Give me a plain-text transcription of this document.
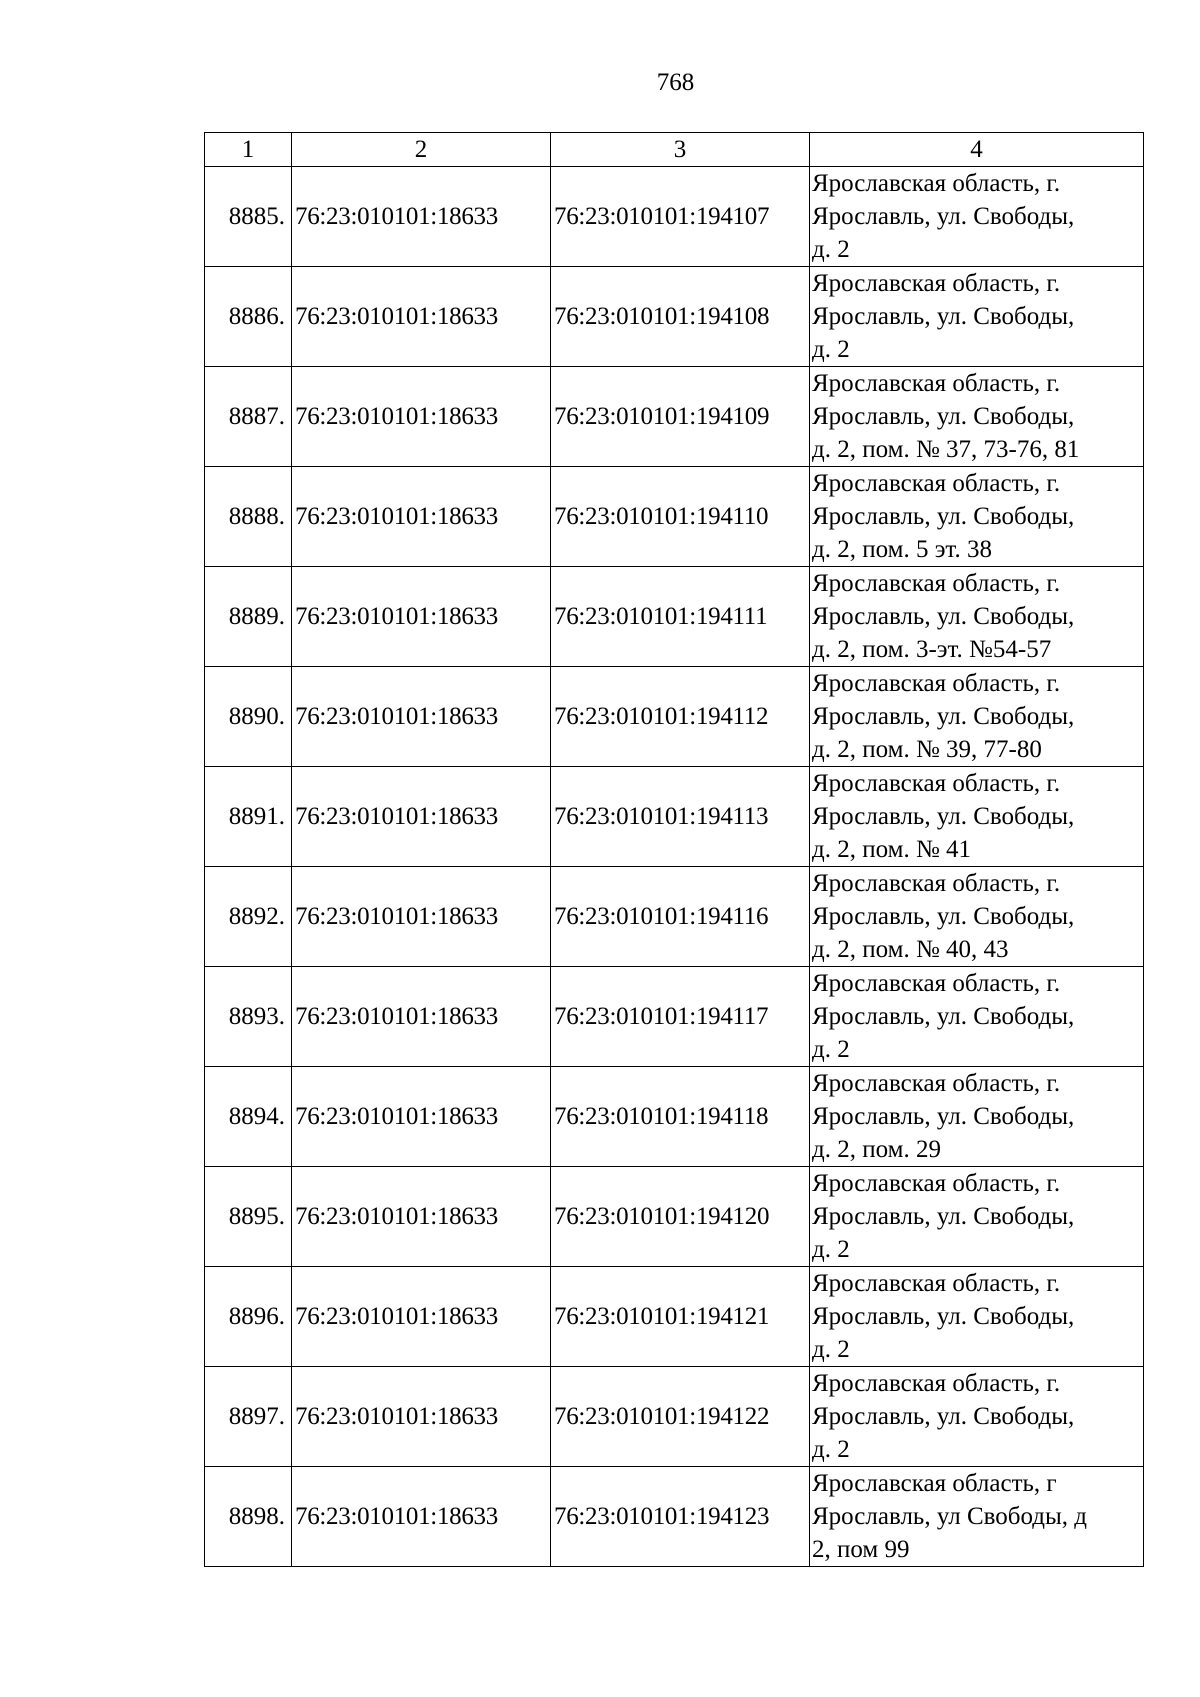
768
1	2	3	4
8885.	76:23:010101:18633	76:23:010101:194107	Ярославская область, г.
Ярославль, ул. Свободы,
д. 2

8886.	76:23:010101:18633	76:23:010101:194108	Ярославская область, г.
Ярославль, ул. Свободы,
д. 2

8887.	76:23:010101:18633	76:23:010101:194109	Ярославская область, г.
Ярославль, ул. Свободы,
д. 2, пом. № 37, 73-76, 81

8888.	76:23:010101:18633	76:23:010101:194110	Ярославская область, г.
Ярославль, ул. Свободы,
д. 2, пом. 5 эт. 38

8889.	76:23:010101:18633	76:23:010101:194111	Ярославская область, г.
Ярославль, ул. Свободы,
д. 2, пом. 3-эт. №54-57

8890.	76:23:010101:18633	76:23:010101:194112	Ярославская область, г.
Ярославль, ул. Свободы,
д. 2, пом. № 39, 77-80

8891.	76:23:010101:18633	76:23:010101:194113	Ярославская область, г.
Ярославль, ул. Свободы,
д. 2, пом. № 41

8892.	76:23:010101:18633	76:23:010101:194116	Ярославская область, г.
Ярославль, ул. Свободы,
д. 2, пом. № 40, 43

8893.	76:23:010101:18633	76:23:010101:194117	Ярославская область, г.
Ярославль, ул. Свободы,
д. 2

8894.	76:23:010101:18633	76:23:010101:194118	Ярославская область, г.
Ярославль, ул. Свободы,
д. 2, пом. 29

8895.	76:23:010101:18633	76:23:010101:194120	Ярославская область, г.
Ярославль, ул. Свободы,
д. 2

8896.	76:23:010101:18633	76:23:010101:194121	Ярославская область, г.
Ярославль, ул. Свободы,
д. 2

8897.	76:23:010101:18633	76:23:010101:194122	Ярославская область, г.
Ярославль, ул. Свободы,
д. 2

8898.	76:23:010101:18633	76:23:010101:194123	Ярославская область, г
Ярославль, ул Свободы, д
2, пом 99
